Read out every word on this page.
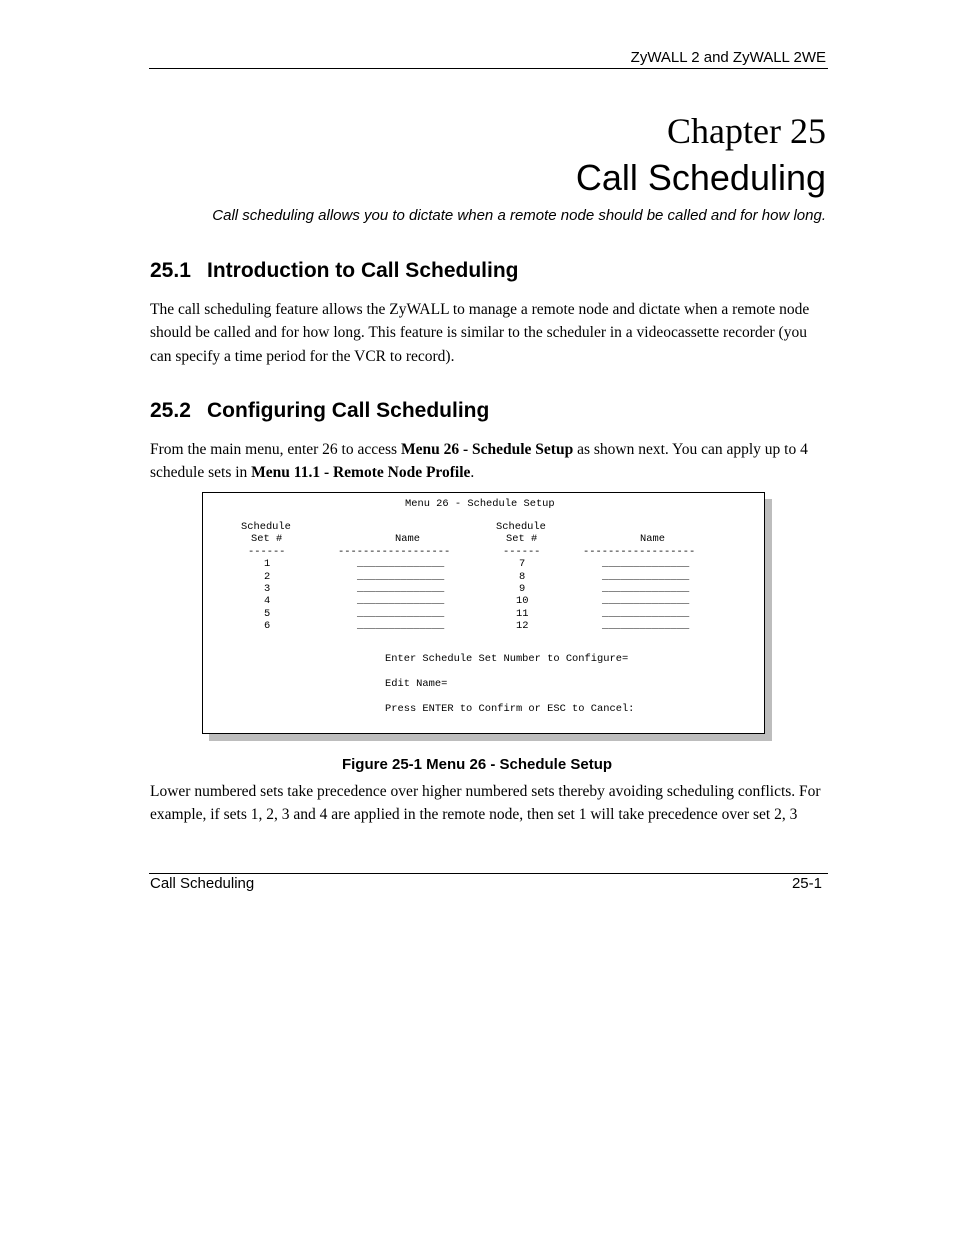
ZyWALL 2 and ZyWALL 2WE
Chapter 25
Call Scheduling
Call scheduling allows you to dictate when a remote node should be called and for how long.
25.1 Introduction to Call Scheduling

The call scheduling feature allows the ZyWALL to manage a remote node and dictate when a remote node should be called and for how long. This feature is similar to the scheduler in a videocassette recorder (you can specify a time period for the VCR to record).

25.2 Configuring Call Scheduling

From the main menu, enter 26 to access Menu 26 - Schedule Setup as shown next. You can apply up to 4 schedule sets in Menu 11.1 - Remote Node Profile.

Menu 26 - Schedule Setup
Schedule
Set #
------
Name
------------------
Schedule
Set #
------
Name
------------------
1
2
3
4
5
6
______________
______________
______________
______________
______________
______________
7
8
9
10
11
12
______________
______________
______________
______________
______________
______________
Enter Schedule Set Number to Configure=
Edit Name=
Press ENTER to Confirm or ESC to Cancel:
Figure 25-1 Menu 26 - Schedule Setup

Lower numbered sets take precedence over higher numbered sets thereby avoiding scheduling conflicts. For example, if sets 1, 2, 3 and 4 are applied in the remote node, then set 1 will take precedence over set 2, 3

Call Scheduling	25-1
